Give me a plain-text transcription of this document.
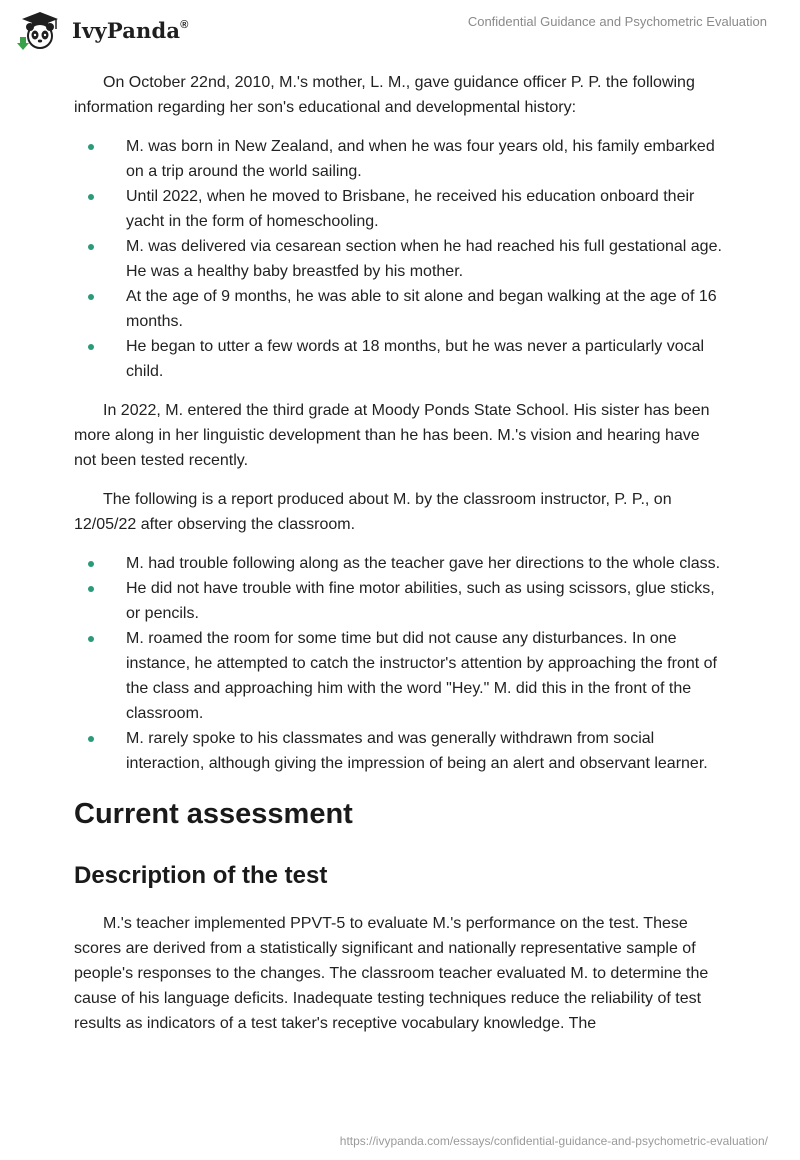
IvyPanda®	Confidential Guidance and Psychometric Evaluation

On October 22nd, 2010, M.'s mother, L. M., gave guidance officer P. P. the following information regarding her son's educational and developmental history:

M. was born in New Zealand, and when he was four years old, his family embarked on a trip around the world sailing.
Until 2022, when he moved to Brisbane, he received his education onboard their yacht in the form of homeschooling.
M. was delivered via cesarean section when he had reached his full gestational age. He was a healthy baby breastfed by his mother.
At the age of 9 months, he was able to sit alone and began walking at the age of 16 months.
He began to utter a few words at 18 months, but he was never a particularly vocal child.

In 2022, M. entered the third grade at Moody Ponds State School. His sister has been more along in her linguistic development than he has been. M.'s vision and hearing have not been tested recently.

The following is a report produced about M. by the classroom instructor, P. P., on 12/05/22 after observing the classroom.

M. had trouble following along as the teacher gave her directions to the whole class.
He did not have trouble with fine motor abilities, such as using scissors, glue sticks, or pencils.
M. roamed the room for some time but did not cause any disturbances. In one instance, he attempted to catch the instructor's attention by approaching the front of the class and approaching him with the word "Hey." M. did this in the front of the classroom.
M. rarely spoke to his classmates and was generally withdrawn from social interaction, although giving the impression of being an alert and observant learner.
Current assessment
Description of the test

M.'s teacher implemented PPVT-5 to evaluate M.'s performance on the test. These scores are derived from a statistically significant and nationally representative sample of people's responses to the changes. The classroom teacher evaluated M. to determine the cause of his language deficits. Inadequate testing techniques reduce the reliability of test results as indicators of a test taker's receptive vocabulary knowledge. The

https://ivypanda.com/essays/confidential-guidance-and-psychometric-evaluation/
